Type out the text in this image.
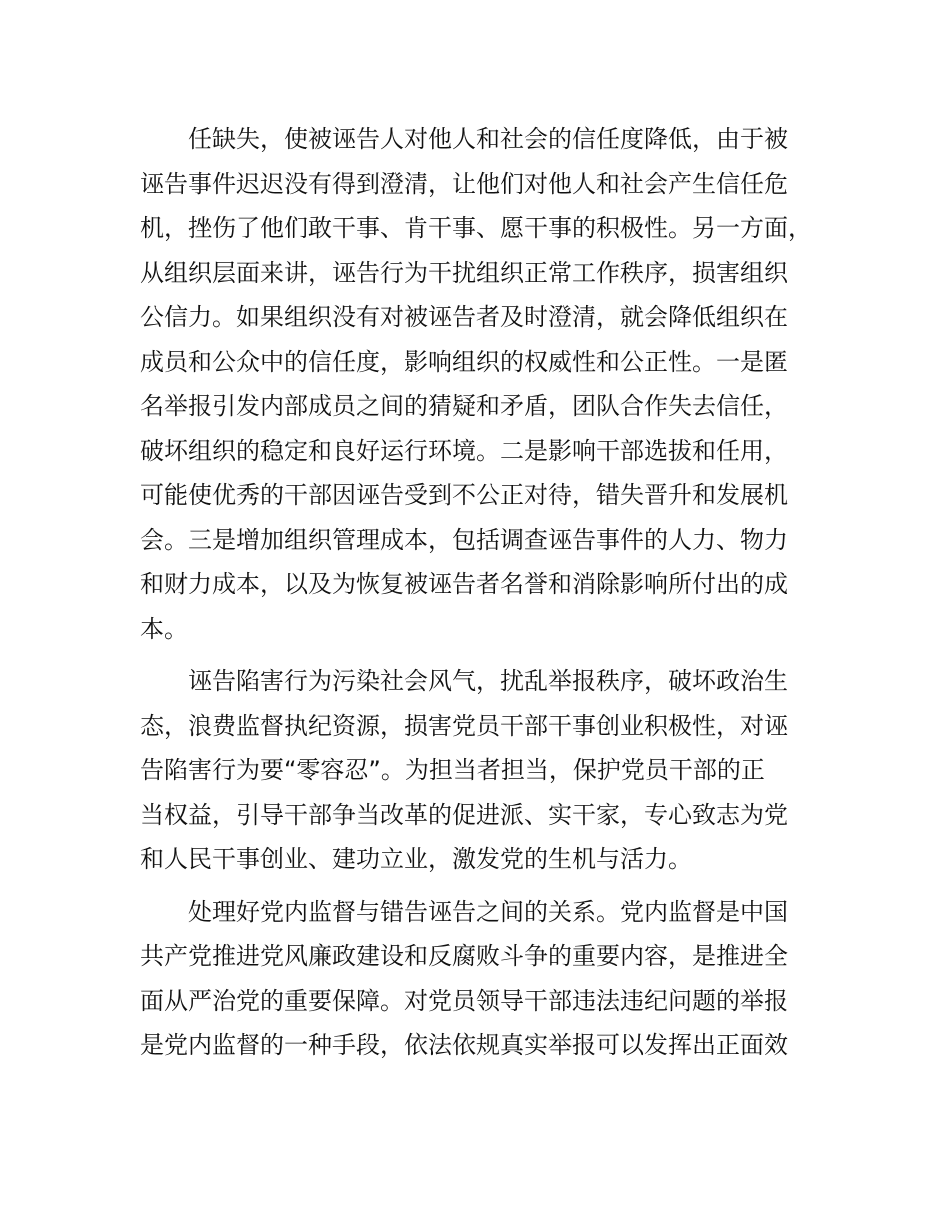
任缺失，使被诬告人对他人和社会的信任度降低，由于被
诬告事件迟迟没有得到澄清，让他们对他人和社会产生信任危
机，挫伤了他们敢干事、肯干事、愿干事的积极性。另一方面，
从组织层面来讲，诬告行为干扰组织正常工作秩序，损害组织
公信力。如果组织没有对被诬告者及时澄清，就会降低组织在
成员和公众中的信任度，影响组织的权威性和公正性。一是匿
名举报引发内部成员之间的猜疑和矛盾，团队合作失去信任，
破坏组织的稳定和良好运行环境。二是影响干部选拔和任用，
可能使优秀的干部因诬告受到不公正对待，错失晋升和发展机
会。三是增加组织管理成本，包括调查诬告事件的人力、物力
和财力成本，以及为恢复被诬告者名誉和消除影响所付出的成
本。
诬告陷害行为污染社会风气，扰乱举报秩序，破坏政治生
态，浪费监督执纪资源，损害党员干部干事创业积极性，对诬
告陷害行为要“零容忍”。为担当者担当，保护党员干部的正
当权益，引导干部争当改革的促进派、实干家，专心致志为党
和人民干事创业、建功立业，激发党的生机与活力。
处理好党内监督与错告诬告之间的关系。党内监督是中国
共产党推进党风廉政建设和反腐败斗争的重要内容，是推进全
面从严治党的重要保障。对党员领导干部违法违纪问题的举报
是党内监督的一种手段，依法依规真实举报可以发挥出正面效
